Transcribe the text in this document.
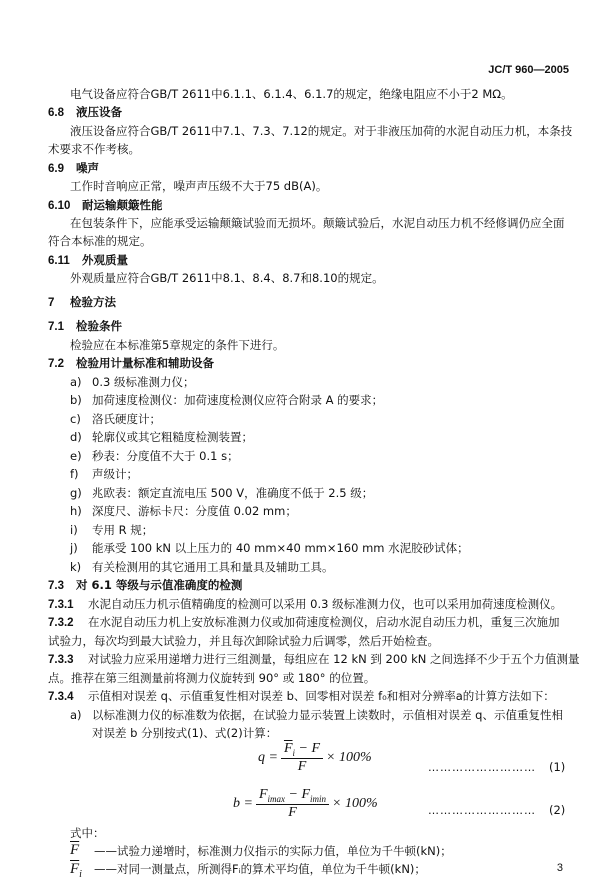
JC/T 960—2005
电气设备应符合GB/T 2611中6.1.1、6.1.4、6.1.7的规定，绝缘电阻应不小于2 MΩ。
6.8 液压设备
液压设备应符合GB/T 2611中7.1、7.3、7.12的规定。对于非液压加荷的水泥自动压力机，本条技
术要求不作考核。
6.9 噪声
工作时音响应正常，噪声声压级不大于75 dB(A)。
6.10 耐运输颠簸性能
在包装条件下，应能承受运输颠簸试验而无损坏。颠簸试验后，水泥自动压力机不经修调仍应全面
符合本标准的规定。
6.11 外观质量
外观质量应符合GB/T 2611中8.1、8.4、8.7和8.10的规定。
7 检验方法
7.1 检验条件
检验应在本标准第5章规定的条件下进行。
7.2 检验用计量标准和辅助设备
a) 0.3 级标准测力仪；
b) 加荷速度检测仪：加荷速度检测仪应符合附录 A 的要求；
c) 洛氏硬度计；
d) 轮廓仪或其它粗糙度检测装置；
e) 秒表：分度值不大于 0.1 s；
f) 声级计；
g) 兆欧表：额定直流电压 500 V，准确度不低于 2.5 级；
h) 深度尺、游标卡尺：分度值 0.02 mm；
i) 专用 R 规；
j) 能承受 100 kN 以上压力的 40 mm×40 mm×160 mm 水泥胶砂试体；
k) 有关检测用的其它通用工具和量具及辅助工具。
7.3 对 6.1 等级与示值准确度的检测
7.3.1 水泥自动压力机示值精确度的检测可以采用 0.3 级标准测力仪，也可以采用加荷速度检测仪。
7.3.2 在水泥自动压力机上安放标准测力仪或加荷速度检测仪，启动水泥自动压力机，重复三次施加
试验力，每次均到最大试验力，并且每次卸除试验力后调零，然后开始检查。
7.3.3 对试验力应采用递增力进行三组测量，每组应在 12 kN 到 200 kN 之间选择不少于五个力值测量
点。推荐在第三组测量前将测力仪旋转到 90° 或 180° 的位置。
7.3.4 示值相对误差 q、示值重复性相对误差 b、回零相对误差 f₀和相对分辨率a的计算方法如下：
a) 以标准测力仪的标准数为依据，在试验力显示装置上读数时，示值相对误差 q、示值重复性相
对误差 b 分别按式(1)、式(2)计算：
$q = \frac{\overline{F}_i - F}{F} \times 100\%$
……………………… (1)
$b = \frac{F_{imax} - F_{imin}}{F} \times 100\%$	……………………… (2)
式中：
$\overline{F}$ ——试验力递增时，标准测力仪指示的实际力值，单位为千牛顿(kN)；
$\overline{F}_i$ ——对同一测量点，所测得Fᵢ的算术平均值，单位为千牛顿(kN)；	3
